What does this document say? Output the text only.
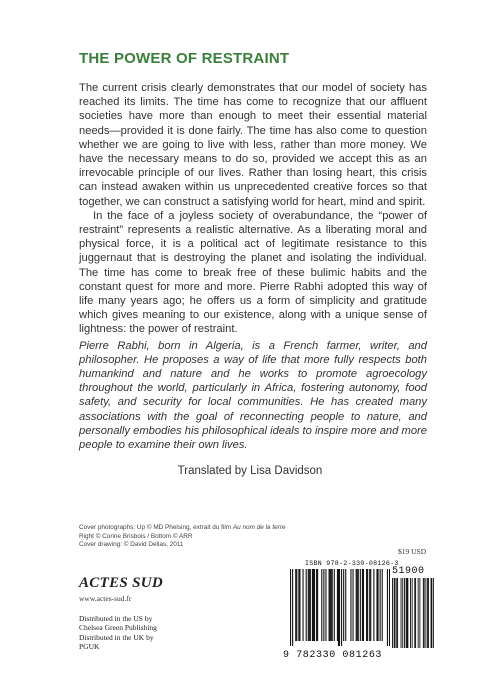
THE POWER OF RESTRAINT

The current crisis clearly demonstrates that our model of society has reached its limits. The time has come to recognize that our affluent societies have more than enough to meet their essential material needs—provided it is done fairly. The time has also come to question whether we are going to live with less, rather than more money. We have the necessary means to do so, provided we accept this as an irrevocable principle of our lives. Rather than losing heart, this crisis can instead awaken within us unprecedented creative forces so that together, we can construct a satisfying world for heart, mind and spirit.

In the face of a joyless society of overabundance, the “power of restraint” represents a realistic alternative. As a liberating moral and physical force, it is a political act of legitimate resistance to this juggernaut that is destroying the planet and isolating the individual. The time has come to break free of these bulimic habits and the constant quest for more and more. Pierre Rabhi adopted this way of life many years ago; he offers us a form of simplicity and gratitude which gives meaning to our existence, along with a unique sense of lightness: the power of restraint.

Pierre Rabhi, born in Algeria, is a French farmer, writer, and philosopher. He proposes a way of life that more fully respects both humankind and nature and he works to promote agroecology throughout the world, particularly in Africa, fostering autonomy, food safety, and security for local communities. He has created many associations with the goal of reconnecting people to nature, and personally embodies his philosophical ideals to inspire more and more people to examine their own lives.

Translated by Lisa Davidson
Cover photographs: Up © MD Phelsing, extrait du film Au nom de la terre
Right © Corine Brisbois / Bottom © ARR
Cover drawing: © David Dellas, 2011
$19 USD
ACTES SUD
www.actes-sud.fr
Distributed in the US by
Chelsea Green Publishing
Distributed in the UK by
PGUK
ISBN 978-2-330-08126-3
51900
9 782330 081263
